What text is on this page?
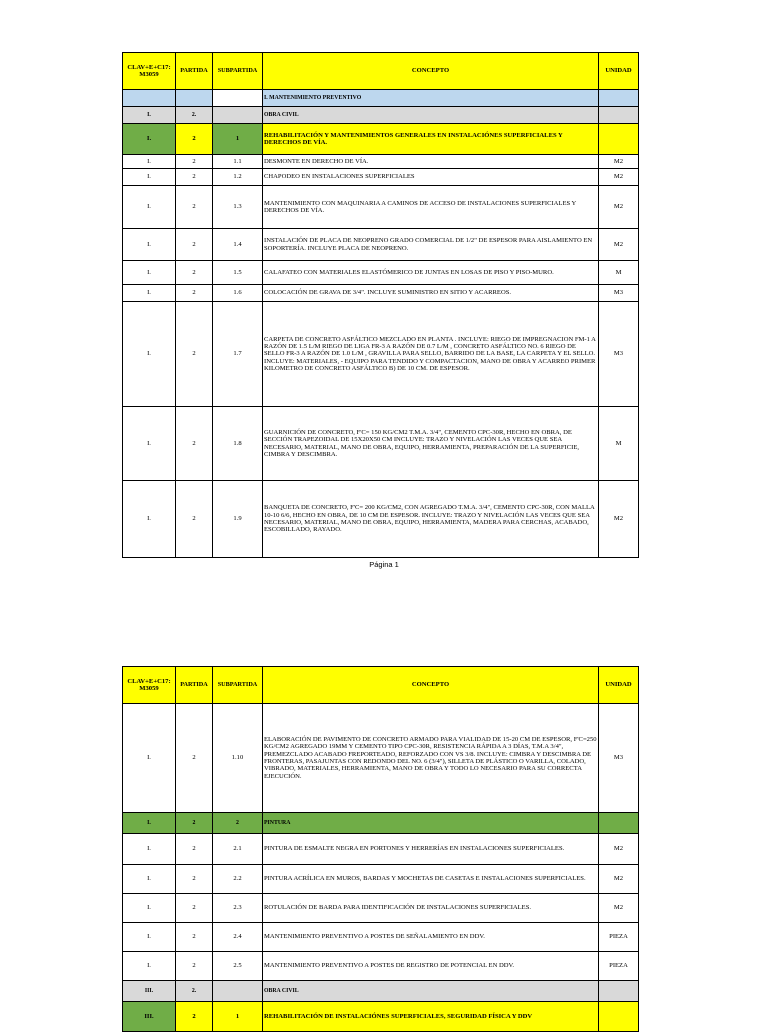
CLAV+E+C17: M3059	PARTIDA	SUBPARTIDA	CONCEPTO	UNIDAD
			I. MANTENIMIENTO PREVENTIVO	
I.	2.		OBRA CIVIL	
I.	2	1	REHABILITACIÓN Y MANTENIMIENTOS GENERALES EN INSTALACIÓNES SUPERFICIALES Y DERECHOS DE VÍA.	
I.	2	1.1	DESMONTE EN DERECHO DE VÍA.	M2
I.	2	1.2	CHAPODEO EN INSTALACIONES SUPERFICIALES	M2
I.	2	1.3	MANTENIMIENTO CON MAQUINARIA A CAMINOS DE ACCESO DE INSTALACIONES SUPERFICIALES Y DERECHOS DE VÍA.	M2
I.	2	1.4	INSTALACIÓN DE PLACA DE NEOPRENO GRADO COMERCIAL DE 1/2" DE ESPESOR PARA AISLAMIENTO EN SOPORTERÍA. INCLUYE PLACA DE NEOPRENO.	M2
I.	2	1.5	CALAFATEO CON MATERIALES ELASTÓMERICO DE JUNTAS EN LOSAS DE PISO Y PISO-MURO.	M
I.	2	1.6	COLOCACIÓN DE GRAVA DE 3/4". INCLUYE SUMINISTRO EN SITIO Y ACARREOS.	M3
I.	2	1.7	CARPETA DE CONCRETO ASFÁLTICO MEZCLADO EN PLANTA . INCLUYE: RIEGO DE IMPREGNACION FM-1 A RAZÓN DE 1.5 L/M RIEGO DE LIGA FR-3 A RAZÓN DE 0.7 L/M , CONCRETO ASFÁLTICO NO. 6 RIEGO DE SELLO FR-3 A RAZÓN DE 1.0 L/M , GRAVILLA PARA SELLO, BARRIDO DE LA BASE, LA CARPETA Y EL SELLO. INCLUYE: MATERIALES, - EQUIPO PARA TENDIDO Y COMPACTACION, MANO DE OBRA Y ACARREO PRIMER KILOMETRO DE CONCRETO ASFÁLTICO B) DE 10 CM. DE ESPESOR.	M3
I.	2	1.8	GUARNICIÓN DE CONCRETO, F'C= 150 KG/CM2 T.M.A. 3/4", CEMENTO CPC-30R, HECHO EN OBRA, DE SECCIÓN TRAPEZOIDAL DE 15X20X50 CM INCLUYE: TRAZO Y NIVELACIÓN LAS VECES QUE SEA NECESARIO, MATERIAL, MANO DE OBRA, EQUIPO, HERRAMIENTA, PREPARACIÓN DE LA SUPERFICIE, CIMBRA Y DESCIMBRA.	M
I.	2	1.9	BANQUETA DE CONCRETO, F'C= 200 KG/CM2, CON AGREGADO T.M.A. 3/4", CEMENTO CPC-30R, CON MALLA 10-10 6/6, HECHO EN OBRA, DE 10 CM DE ESPESOR. INCLUYE: TRAZO Y NIVELACIÓN LAS VECES QUE SEA NECESARIO, MATERIAL, MANO DE OBRA, EQUIPO, HERRAMIENTA, MADERA PARA CERCHAS, ACABADO, ESCOBILLADO, RAYADO.	M2
Página 1
CLAV+E+C17: M3059	PARTIDA	SUBPARTIDA	CONCEPTO	UNIDAD
I.	2	1.10	ELABORACIÓN DE PAVIMENTO DE CONCRETO ARMADO PARA VIALIDAD DE 15-20 CM DE ESPESOR, F'C=250 KG/CM2 AGREGADO 19MM Y CEMENTO TIPO CPC-30R, RESISTENCIA RÁPIDA A 3 DÍAS, T.M.A 3/4", PREMEZCLADO ACABADO FREPORTEADO, REFORZADO CON VS 3/8. INCLUYE: CIMBRA Y DESCIMBRA DE FRONTERAS, PASAJUNTAS CON REDONDO DEL NO. 6 (3/4"), SILLETA DE PLÁSTICO O VARILLA, COLADO, VIBRADO, MATERIALES, HERRAMIENTA, MANO DE OBRA Y TODO LO NECESARIO PARA SU CORRECTA EJECUCIÓN.	M3
I.	2	2	PINTURA	
I.	2	2.1	PINTURA DE ESMALTE NEGRA EN PORTONES Y HERRERÍAS EN INSTALACIONES SUPERFICIALES.	M2
I.	2	2.2	PINTURA ACRÍLICA EN MUROS, BARDAS Y MOCHETAS DE CASETAS E INSTALACIONES SUPERFICIALES.	M2
I.	2	2.3	ROTULACIÓN DE BARDA PARA IDENTIFICACIÓN DE INSTALACIONES SUPERFICIALES.	M2
I.	2	2.4	MANTENIMIENTO PREVENTIVO A POSTES DE SEÑALAMIENTO EN DDV.	PIEZA
I.	2	2.5	MANTENIMIENTO PREVENTIVO A POSTES DE REGISTRO DE POTENCIAL EN DDV.	PIEZA
III.	2.		OBRA CIVIL	
III.	2	1	REHABILITACIÓN DE INSTALACIÓNES SUPERFICIALES, SEGURIDAD FÍSICA Y DDV	
